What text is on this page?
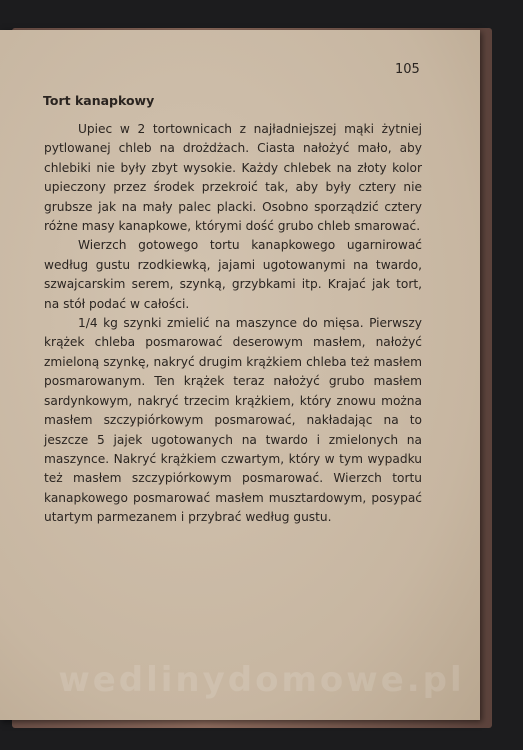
105
Tort kanapkowy

Upiec w 2 tortownicach z najładniejszej mąki żytniej pytlowanej chleb na drożdżach. Ciasta nałożyć mało, aby chlebiki nie były zbyt wysokie. Każdy chlebek na złoty kolor upieczony przez środek przekroić tak, aby były cztery nie grubsze jak na mały palec placki. Osobno sporządzić cztery różne masy kanapkowe, którymi dość grubo chleb smarować.

Wierzch gotowego tortu kanapkowego ugarnirować według gustu rzodkiewką, jajami ugotowanymi na twardo, szwajcarskim serem, szynką, grzybkami itp. Krajać jak tort, na stół podać w całości.

1/4 kg szynki zmielić na maszynce do mięsa. Pierwszy krążek chleba posmarować deserowym masłem, nałożyć zmieloną szynkę, nakryć drugim krążkiem chleba też masłem posmarowanym. Ten krążek teraz nałożyć grubo masłem sardynkowym, nakryć trzecim krążkiem, który znowu można masłem szczypiórkowym posmarować, nakładając na to jeszcze 5 jajek ugotowanych na twardo i zmielonych na maszynce. Nakryć krążkiem czwartym, który w tym wypadku też masłem szczypiórkowym posmarować. Wierzch tortu kanapkowego posmarować masłem musztardowym, posypać utartym parmezanem i przybrać według gustu.

wedlinydomowe.pl
